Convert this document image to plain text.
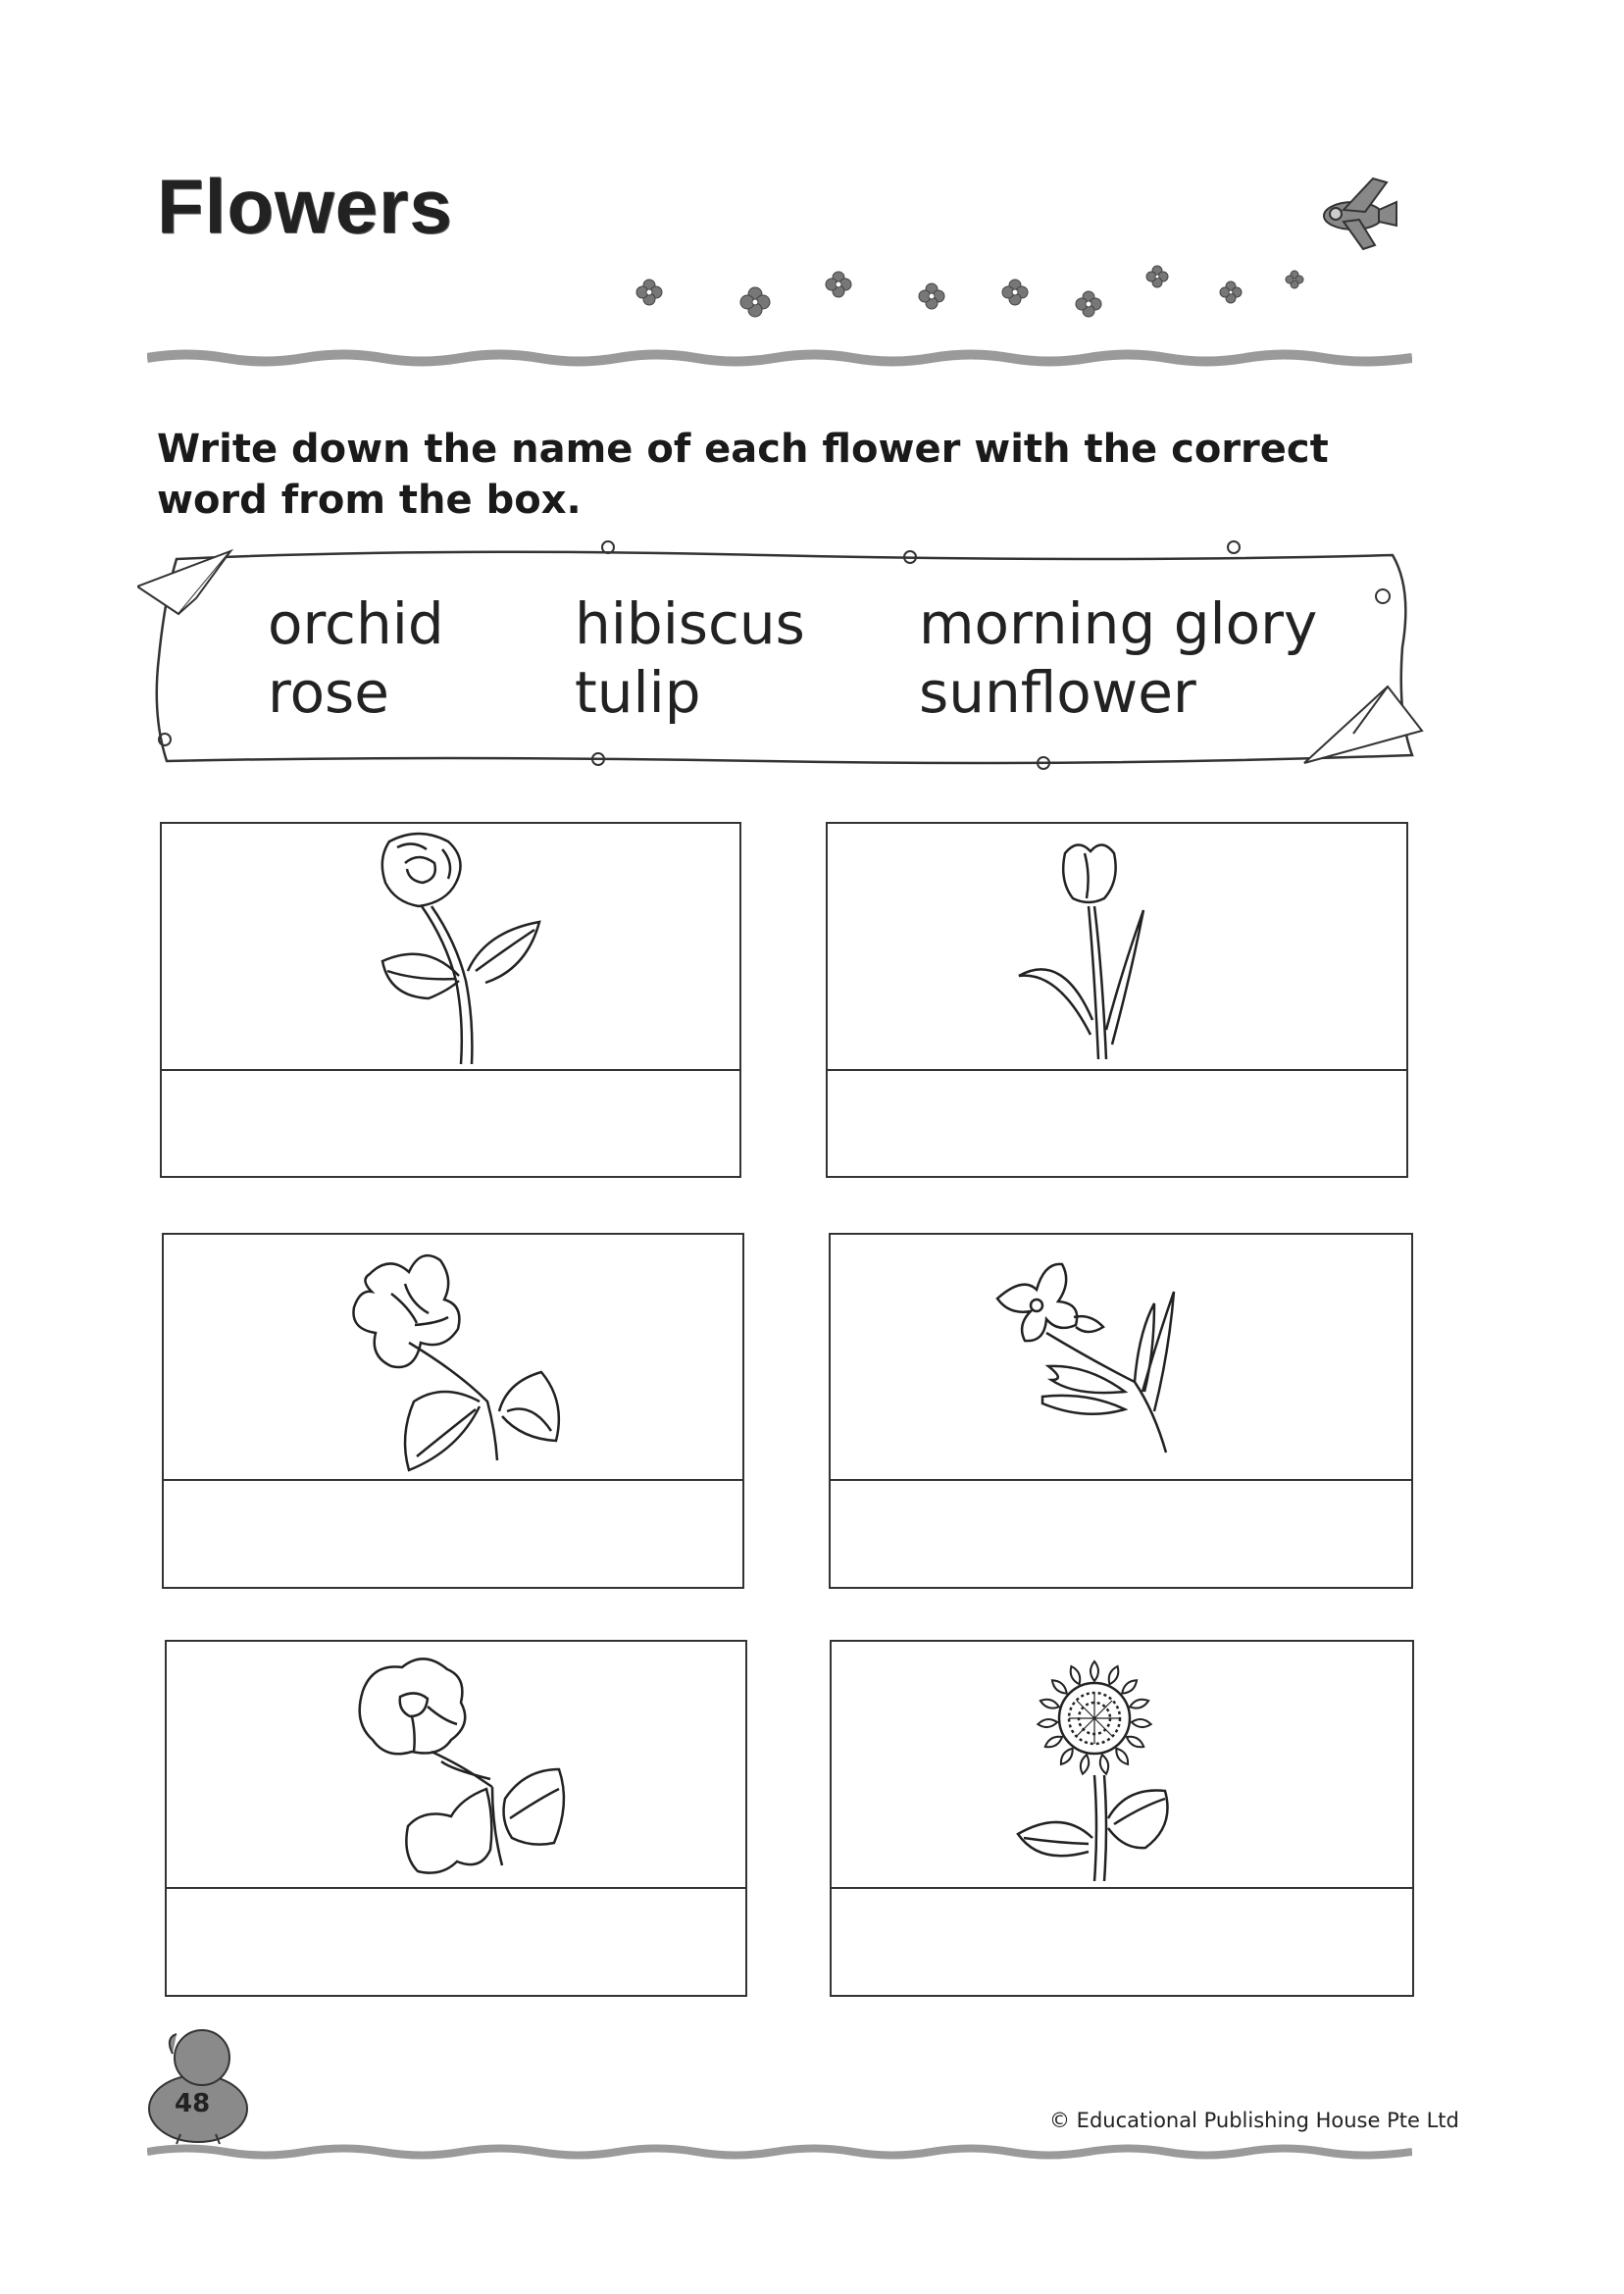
Flowers

Write down the name of each flower with the correct word from the box.

orchid hibiscus morning glory
rose	tulip	sunflower
48
© Educational Publishing House Pte Ltd
